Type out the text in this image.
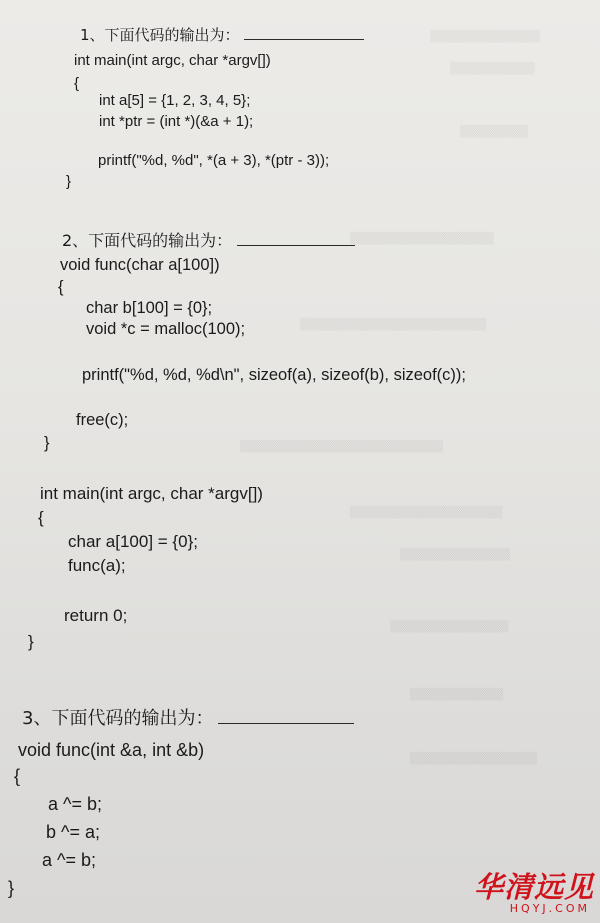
▒▒▒▒▒▒▒▒▒▒▒▒▒
▒▒▒▒▒▒▒▒▒▒
▒▒▒▒▒▒▒▒
▒▒▒▒▒▒▒▒▒▒▒▒▒▒▒▒▒
▒▒▒▒▒▒▒▒▒▒▒▒▒▒▒▒▒▒▒▒▒▒
▒▒▒▒▒▒▒▒▒▒▒▒▒▒▒▒▒▒▒▒▒▒▒▒
▒▒▒▒▒▒▒▒▒▒▒▒▒▒▒▒▒▒
▒▒▒▒▒▒▒▒▒▒▒▒▒
▒▒▒▒▒▒▒▒▒▒▒▒▒▒
▒▒▒▒▒▒▒▒▒▒▒
▒▒▒▒▒▒▒▒▒▒▒▒▒▒▒
1、下面代码的输出为：
int main(int argc, char *argv[])
{
int a[5] = {1, 2, 3, 4, 5};
int *ptr = (int *)(&a + 1);
printf("%d, %d", *(a + 3), *(ptr - 3));
}
2、下面代码的输出为：
void func(char a[100])
{
char b[100] = {0};
void *c = malloc(100);
printf("%d, %d, %d\n", sizeof(a), sizeof(b), sizeof(c));
free(c);
}
int main(int argc, char *argv[])
{
char a[100] = {0};
func(a);
return 0;
}
3、下面代码的输出为：
void func(int &a, int &b)
{
a ^= b;
b ^= a;
a ^= b;
}	华清远见
HQYJ.COM
